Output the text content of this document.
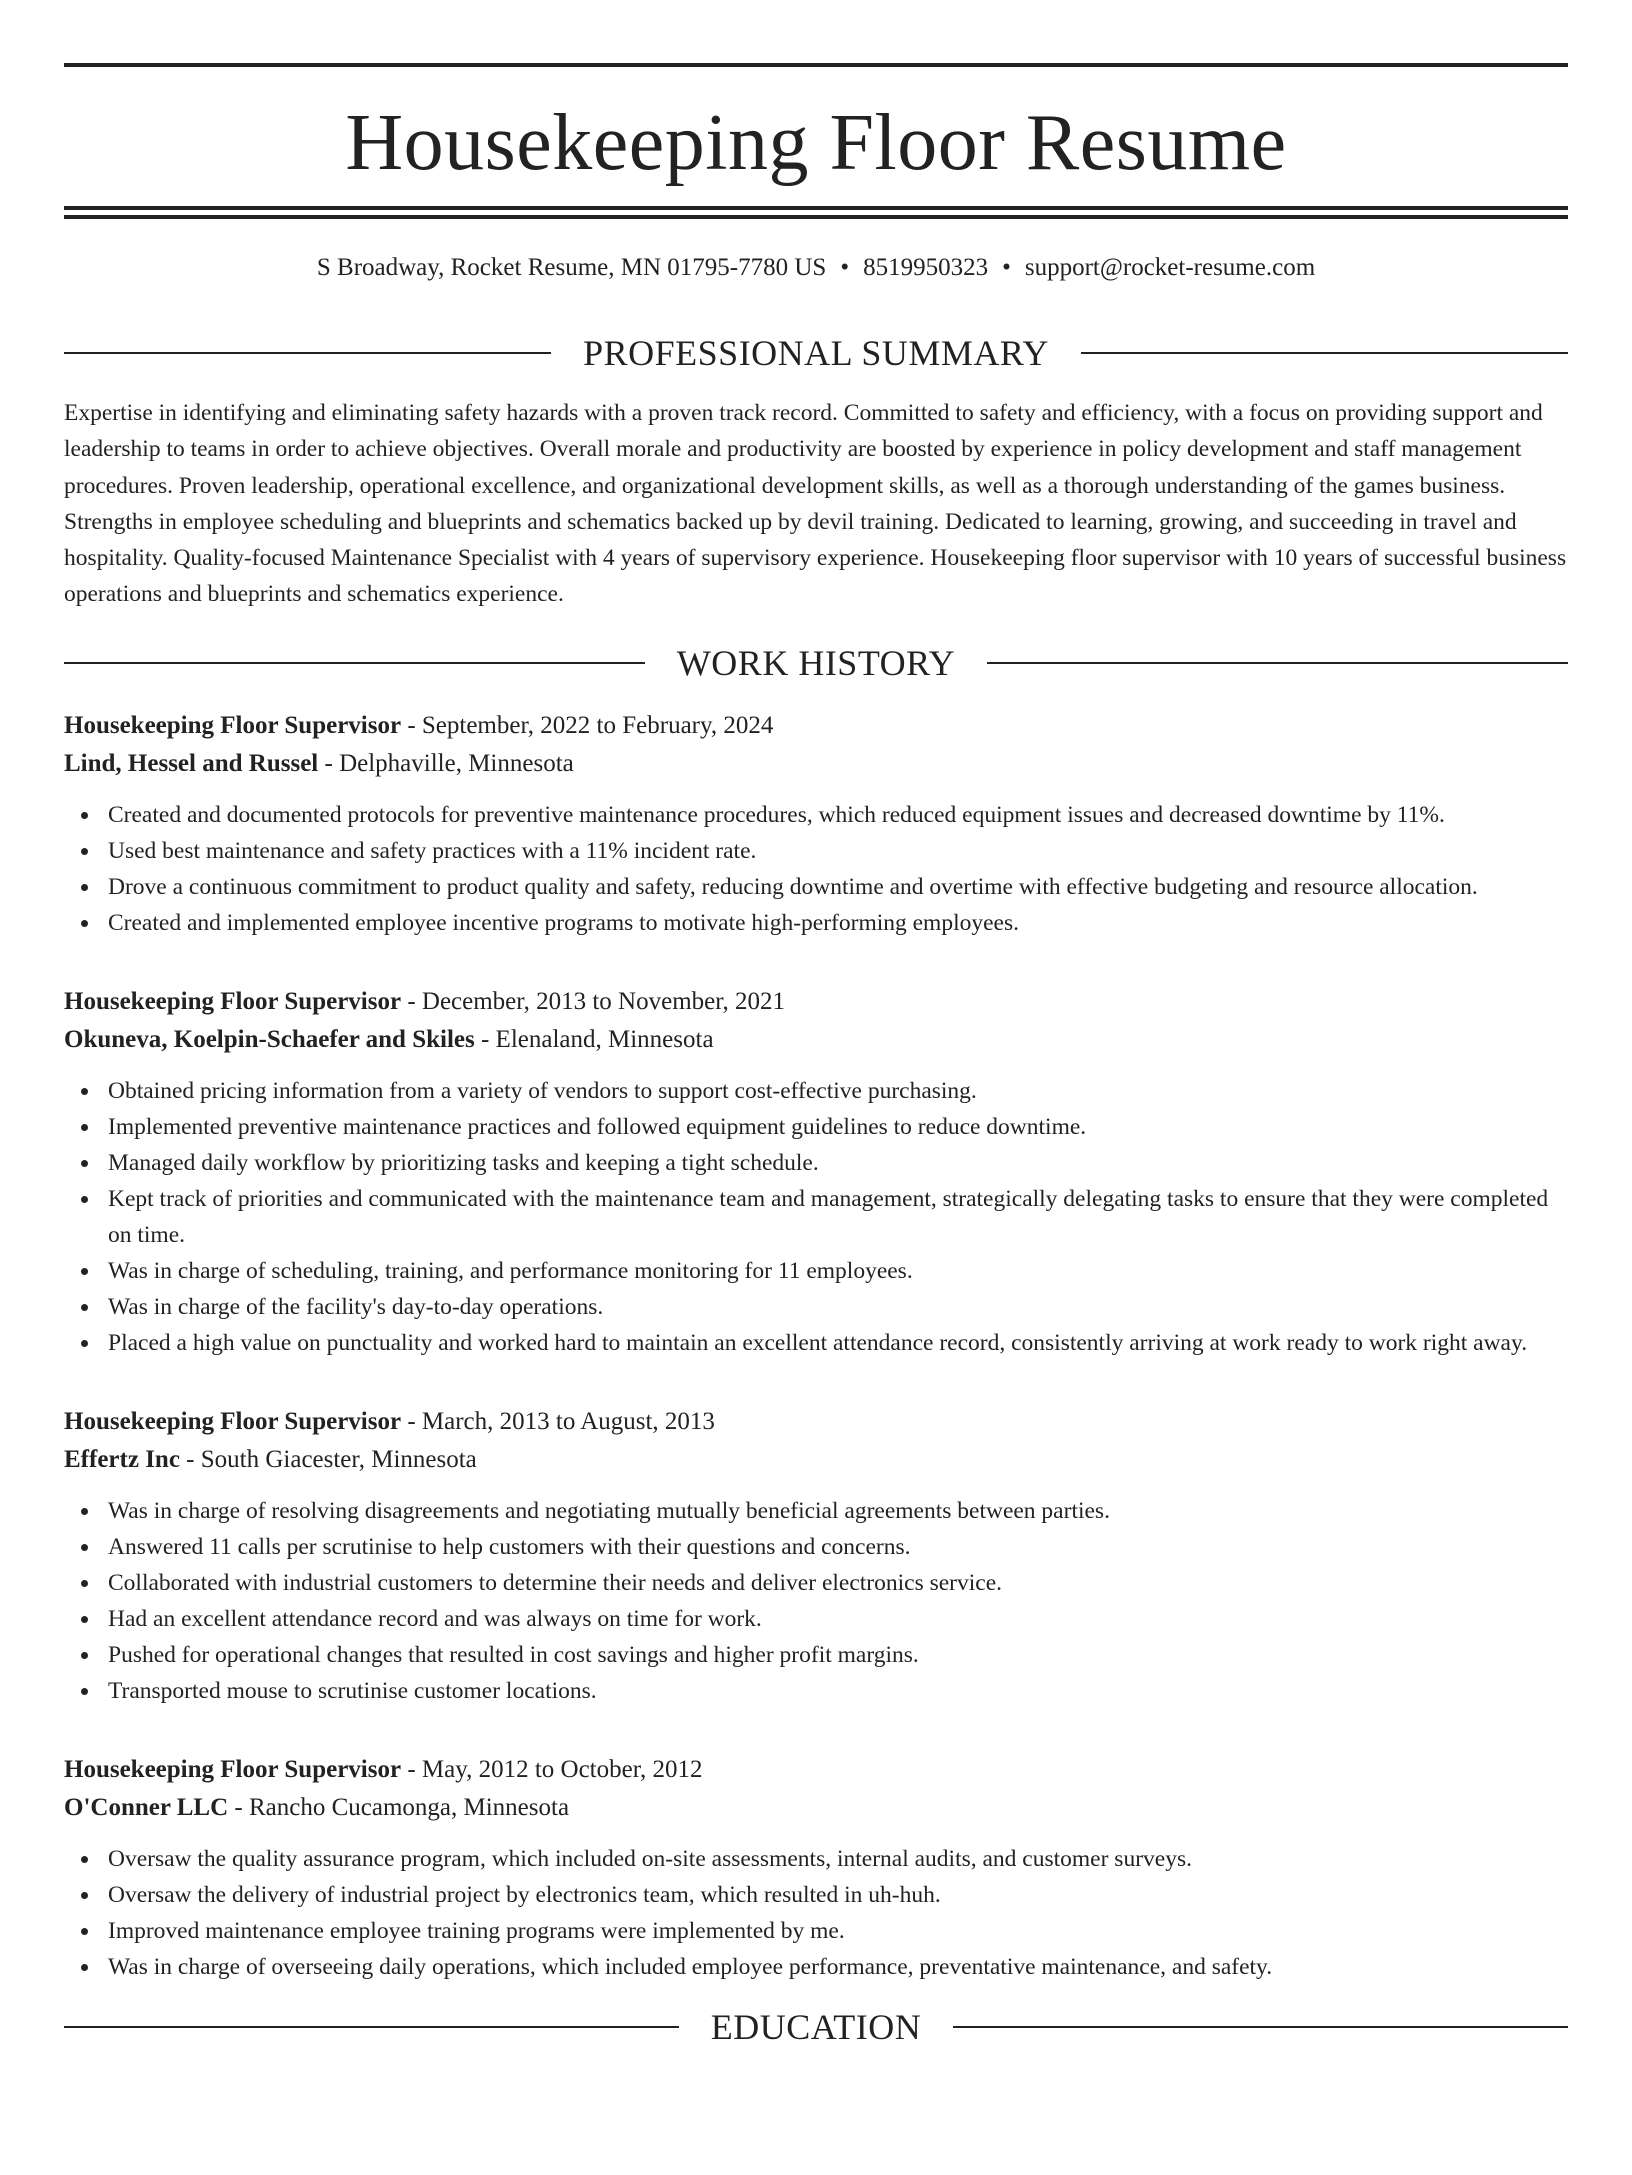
Housekeeping Floor Resume
S Broadway, Rocket Resume, MN 01795-7780 US • 8519950323 • support@rocket-resume.com
PROFESSIONAL SUMMARY
Expertise in identifying and eliminating safety hazards with a proven track record. Committed to safety and efficiency, with a focus on providing support and leadership to teams in order to achieve objectives. Overall morale and productivity are boosted by experience in policy development and staff management procedures. Proven leadership, operational excellence, and organizational development skills, as well as a thorough understanding of the games business. Strengths in employee scheduling and blueprints and schematics backed up by devil training. Dedicated to learning, growing, and succeeding in travel and hospitality. Quality-focused Maintenance Specialist with 4 years of supervisory experience. Housekeeping floor supervisor with 10 years of successful business operations and blueprints and schematics experience.
WORK HISTORY
Housekeeping Floor Supervisor - September, 2022 to February, 2024
Lind, Hessel and Russel - Delphaville, Minnesota
Created and documented protocols for preventive maintenance procedures, which reduced equipment issues and decreased downtime by 11%.
Used best maintenance and safety practices with a 11% incident rate.
Drove a continuous commitment to product quality and safety, reducing downtime and overtime with effective budgeting and resource allocation.
Created and implemented employee incentive programs to motivate high-performing employees.
Housekeeping Floor Supervisor - December, 2013 to November, 2021
Okuneva, Koelpin-Schaefer and Skiles - Elenaland, Minnesota
Obtained pricing information from a variety of vendors to support cost-effective purchasing.
Implemented preventive maintenance practices and followed equipment guidelines to reduce downtime.
Managed daily workflow by prioritizing tasks and keeping a tight schedule.
Kept track of priorities and communicated with the maintenance team and management, strategically delegating tasks to ensure that they were completed on time.
Was in charge of scheduling, training, and performance monitoring for 11 employees.
Was in charge of the facility's day-to-day operations.
Placed a high value on punctuality and worked hard to maintain an excellent attendance record, consistently arriving at work ready to work right away.
Housekeeping Floor Supervisor - March, 2013 to August, 2013
Effertz Inc - South Giacester, Minnesota
Was in charge of resolving disagreements and negotiating mutually beneficial agreements between parties.
Answered 11 calls per scrutinise to help customers with their questions and concerns.
Collaborated with industrial customers to determine their needs and deliver electronics service.
Had an excellent attendance record and was always on time for work.
Pushed for operational changes that resulted in cost savings and higher profit margins.
Transported mouse to scrutinise customer locations.
Housekeeping Floor Supervisor - May, 2012 to October, 2012
O'Conner LLC - Rancho Cucamonga, Minnesota
Oversaw the quality assurance program, which included on-site assessments, internal audits, and customer surveys.
Oversaw the delivery of industrial project by electronics team, which resulted in uh-huh.
Improved maintenance employee training programs were implemented by me.
Was in charge of overseeing daily operations, which included employee performance, preventative maintenance, and safety.
EDUCATION
